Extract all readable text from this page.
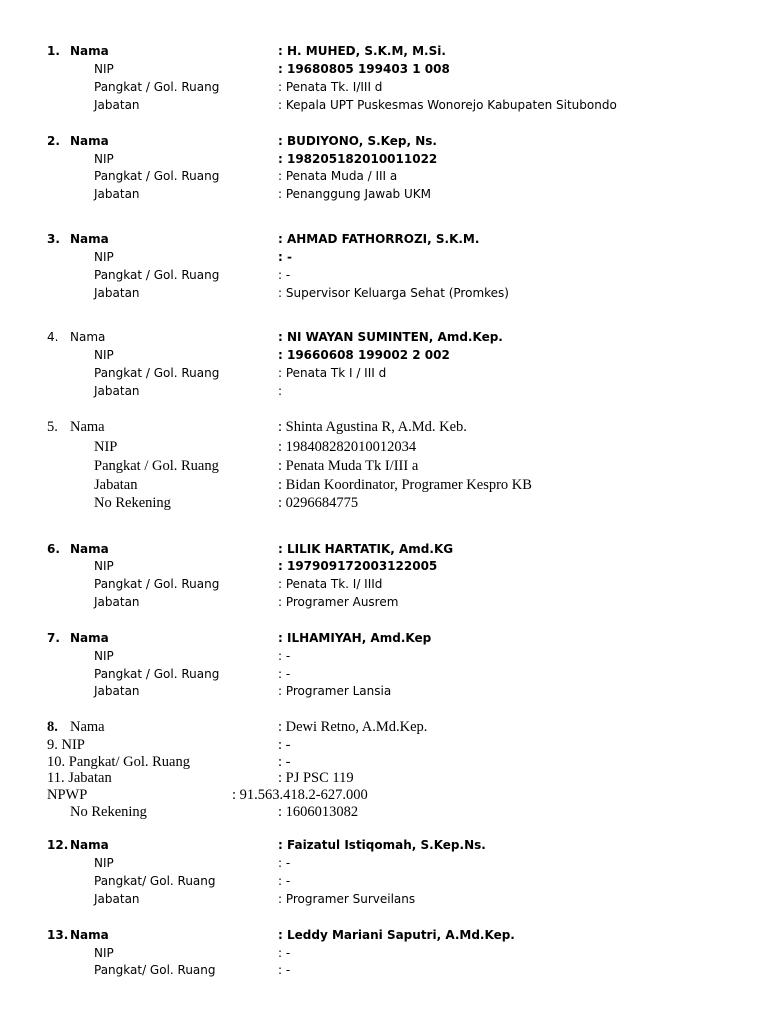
1. Nama	: H. MUHED, S.K.M, M.Si.
NIP	: 19680805 199403 1 008
Pangkat / Gol. Ruang	: Penata Tk. I/III d
Jabatan	: Kepala UPT Puskesmas Wonorejo Kabupaten Situbondo
2. Nama	: BUDIYONO, S.Kep, Ns.
NIP	: 198205182010011022
Pangkat / Gol. Ruang	: Penata Muda / III a
Jabatan	: Penanggung Jawab UKM
3. Nama	: AHMAD FATHORROZI, S.K.M.
NIP	: -
Pangkat / Gol. Ruang	: -
Jabatan	: Supervisor Keluarga Sehat (Promkes)
4. Nama	: NI WAYAN SUMINTEN, Amd.Kep.
NIP	: 19660608 199002 2 002
Pangkat / Gol. Ruang	: Penata Tk I / III d
Jabatan	:
5. Nama	: Shinta Agustina R, A.Md. Keb.
NIP	: 198408282010012034
Pangkat / Gol. Ruang	: Penata Muda Tk I/III a
Jabatan	: Bidan Koordinator, Programer Kespro KB
No Rekening	: 0296684775
6. Nama	: LILIK HARTATIK, Amd.KG
NIP	: 197909172003122005
Pangkat / Gol. Ruang	: Penata Tk. I/ IIId
Jabatan	: Programer Ausrem
7. Nama	: ILHAMIYAH, Amd.Kep
NIP	: -
Pangkat / Gol. Ruang	: -
Jabatan	: Programer Lansia
8. Nama	: Dewi Retno, A.Md.Kep.
9. NIP	: -
10. Pangkat/ Gol. Ruang	: -
11. Jabatan	: PJ PSC 119
NPWP	: 91.563.418.2-627.000
No Rekening	: 1606013082
12. Nama	: Faizatul Istiqomah, S.Kep.Ns.
NIP	: -
Pangkat/ Gol. Ruang	: -
Jabatan	: Programer Surveilans
13. Nama	: Leddy Mariani Saputri, A.Md.Kep.
NIP	: -
Pangkat/ Gol. Ruang	: -
